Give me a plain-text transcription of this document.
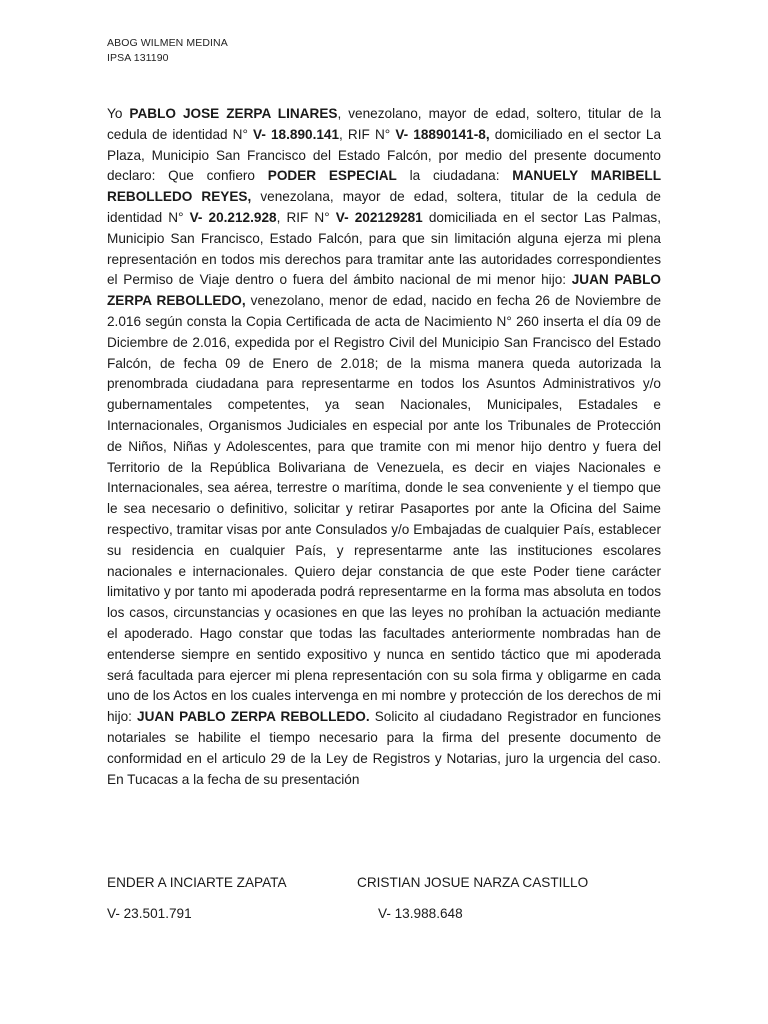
ABOG WILMEN MEDINA
IPSA 131190

Yo PABLO JOSE ZERPA LINARES, venezolano, mayor de edad, soltero, titular de la cedula de identidad N° V- 18.890.141, RIF N° V- 18890141-8, domiciliado en el sector La Plaza, Municipio San Francisco del Estado Falcón, por medio del presente documento declaro: Que confiero PODER ESPECIAL la ciudadana: MANUELY MARIBELL REBOLLEDO REYES, venezolana, mayor de edad, soltera, titular de la cedula de identidad N° V- 20.212.928, RIF N° V- 202129281 domiciliada en el sector Las Palmas, Municipio San Francisco, Estado Falcón, para que sin limitación alguna ejerza mi plena representación en todos mis derechos para tramitar ante las autoridades correspondientes el Permiso de Viaje dentro o fuera del ámbito nacional de mi menor hijo: JUAN PABLO ZERPA REBOLLEDO, venezolano, menor de edad, nacido en fecha 26 de Noviembre de 2.016 según consta la Copia Certificada de acta de Nacimiento N° 260 inserta el día 09 de Diciembre de 2.016, expedida por el Registro Civil del Municipio San Francisco del Estado Falcón, de fecha 09 de Enero de 2.018; de la misma manera queda autorizada la prenombrada ciudadana para representarme en todos los Asuntos Administrativos y/o gubernamentales competentes, ya sean Nacionales, Municipales, Estadales e Internacionales, Organismos Judiciales en especial por ante los Tribunales de Protección de Niños, Niñas y Adolescentes, para que tramite con mi menor hijo dentro y fuera del Territorio de la República Bolivariana de Venezuela, es decir en viajes Nacionales e Internacionales, sea aérea, terrestre o marítima, donde le sea conveniente y el tiempo que le sea necesario o definitivo, solicitar y retirar Pasaportes por ante la Oficina del Saime respectivo, tramitar visas por ante Consulados y/o Embajadas de cualquier País, establecer su residencia en cualquier País, y representarme ante las instituciones escolares nacionales e internacionales. Quiero dejar constancia de que este Poder tiene carácter limitativo y por tanto mi apoderada podrá representarme en la forma mas absoluta en todos los casos, circunstancias y ocasiones en que las leyes no prohíban la actuación mediante el apoderado. Hago constar que todas las facultades anteriormente nombradas han de entenderse siempre en sentido expositivo y nunca en sentido táctico que mi apoderada será facultada para ejercer mi plena representación con su sola firma y obligarme en cada uno de los Actos en los cuales intervenga en mi nombre y protección de los derechos de mi hijo: JUAN PABLO ZERPA REBOLLEDO. Solicito al ciudadano Registrador en funciones notariales se habilite el tiempo necesario para la firma del presente documento de conformidad en el articulo 29 de la Ley de Registros y Notarias, juro la urgencia del caso. En Tucacas a la fecha de su presentación

ENDER A INCIARTE ZAPATA	CRISTIAN JOSUE NARZA CASTILLO
V- 23.501.791	V- 13.988.648
